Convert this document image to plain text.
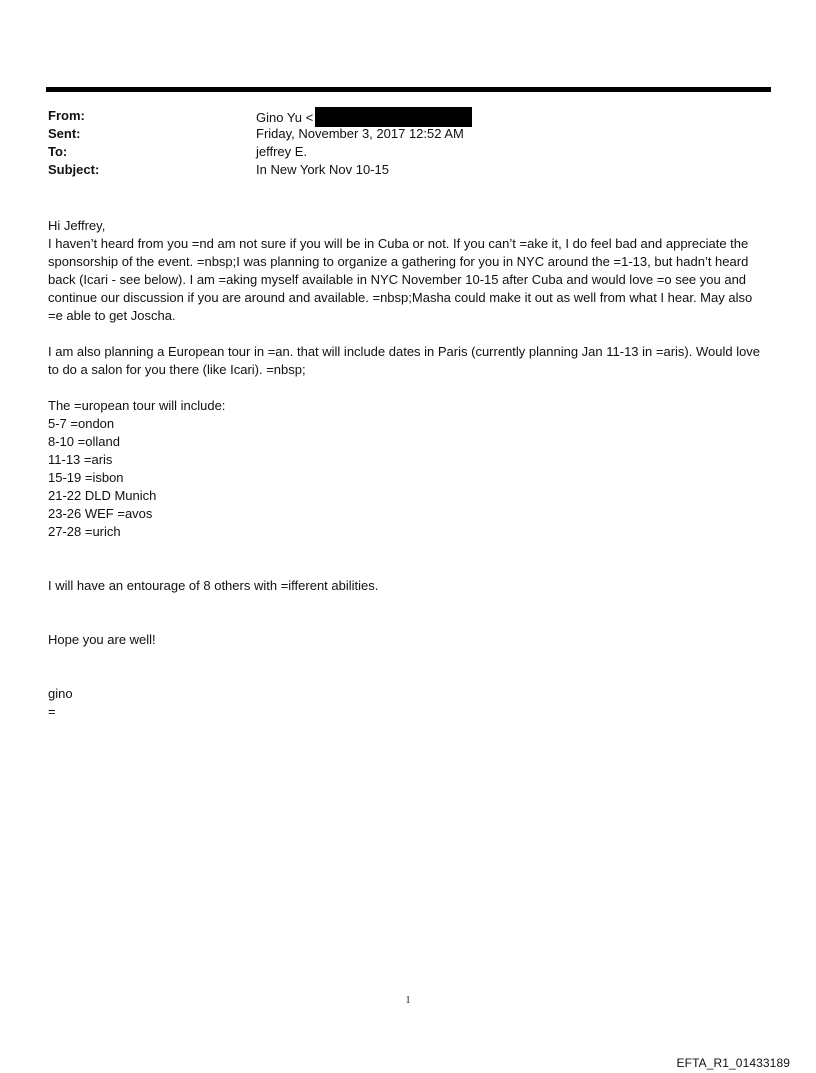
From:	Gino Yu <
Sent:	Friday, November 3, 2017 12:52 AM
To:	jeffrey E.
Subject:	In New York Nov 10-15

Hi Jeffrey,

I haven’t heard from you =nd am not sure if you will be in Cuba or not. If you can’t =ake it, I do feel bad and appreciate the sponsorship of the event. =nbsp;I was planning to organize a gathering for you in NYC around the =1-13, but hadn’t heard back (Icari - see below). I am =aking myself available in NYC November 10-15 after Cuba and would love =o see you and continue our discussion if you are around and available. =nbsp;Masha could make it out as well from what I hear. May also =e able to get Joscha.

I am also planning a European tour in =an. that will include dates in Paris (currently planning Jan 11-13 in =aris). Would love to do a salon for you there (like Icari). =nbsp;

The =uropean tour will include:

5-7 =ondon

8-10 =olland

11-13 =aris

15-19 =isbon

21-22 DLD Munich

23-26 WEF =avos

27-28 =urich

I will have an entourage of 8 others with =ifferent abilities.

Hope you are well!

gino

=

1
EFTA_R1_01433189
